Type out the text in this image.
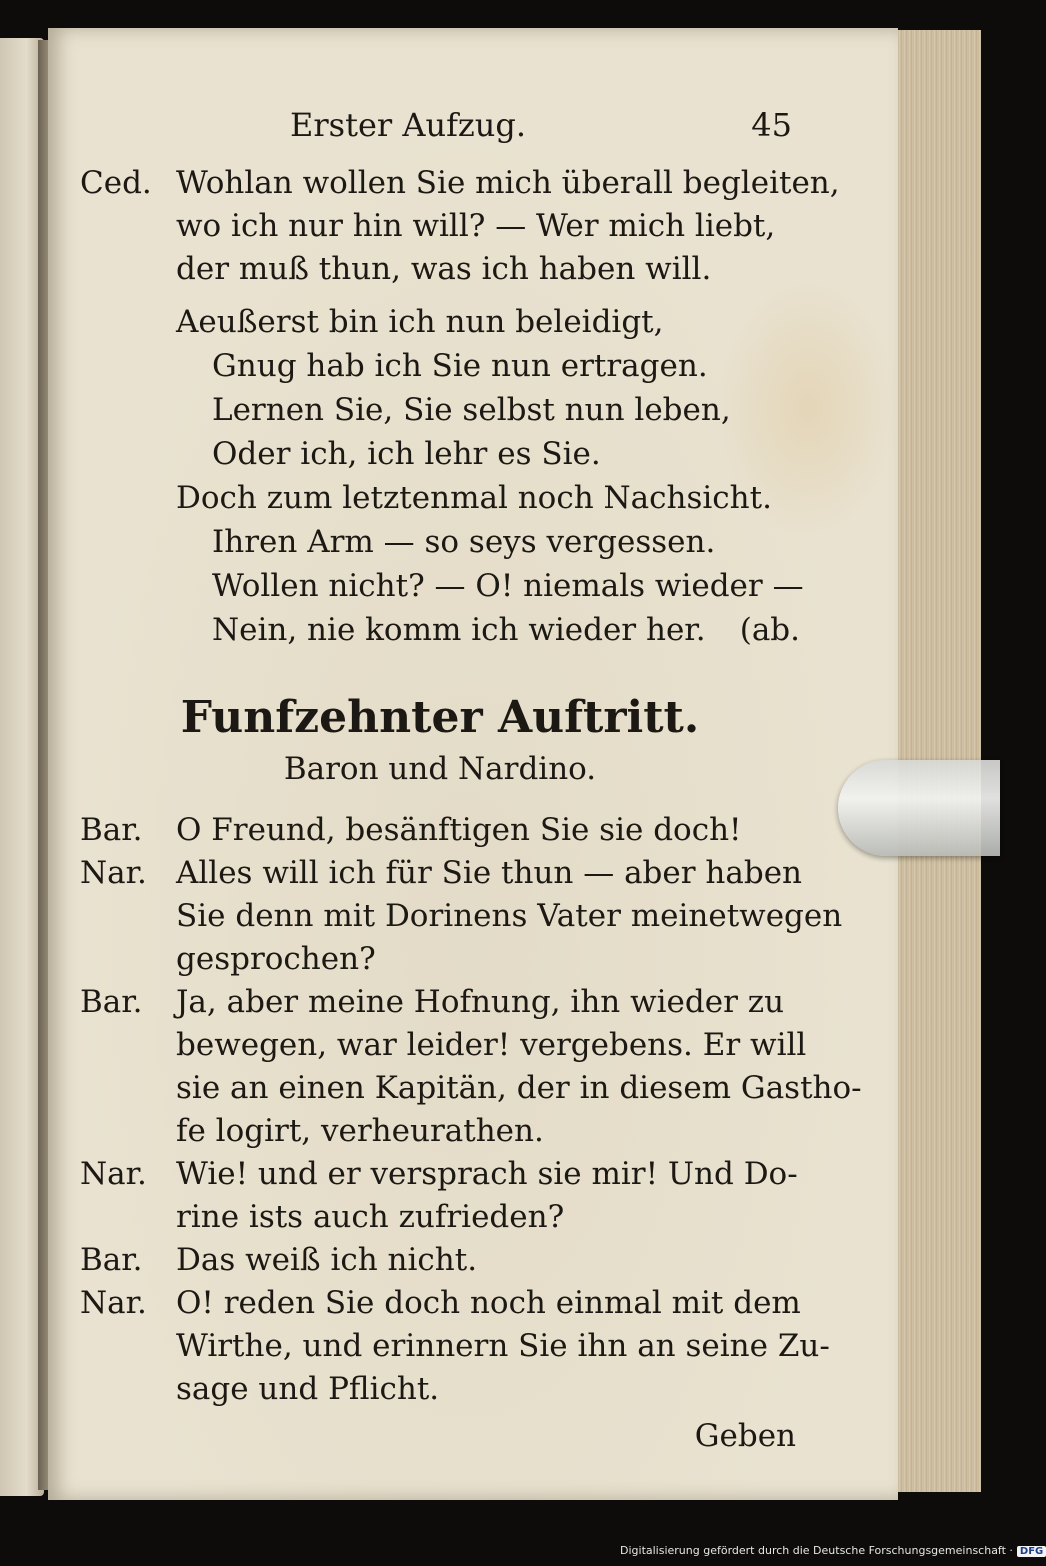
Erster Aufzug.	45
Ced. Wohlan wollen Sie mich überall begleiten,
wo ich nur hin will? — Wer mich liebt,
der muß thun, was ich haben will.
Aeußerst bin ich nun beleidigt,
Gnug hab ich Sie nun ertragen.
Lernen Sie, Sie selbst nun leben,
Oder ich, ich lehr es Sie.
Doch zum letztenmal noch Nachsicht.
Ihren Arm — so seys vergessen.
Wollen nicht? — O! niemals wieder —
Nein, nie komm ich wieder her. (ab.
Funfzehnter Auftritt.
Baron und Nardino.
Bar.	O Freund, besänftigen Sie sie doch!
Nar. Alles will ich für Sie thun — aber haben
Sie denn mit Dorinens Vater meinetwegen
gesprochen?
Bar.	Ja, aber meine Hofnung, ihn wieder zu
bewegen, war leider! vergebens. Er will
sie an einen Kapitän, der in diesem Gastho-
fe logirt, verheurathen.
Nar. Wie! und er versprach sie mir! Und Do-
rine ists auch zufrieden?
Bar.	Das weiß ich nicht.
Nar. O! reden Sie doch noch einmal mit dem
Wirthe, und erinnern Sie ihn an seine Zu-
sage und Pflicht.
Geben
Digitalisierung gefördert durch die Deutsche Forschungsgemeinschaft · DFG
